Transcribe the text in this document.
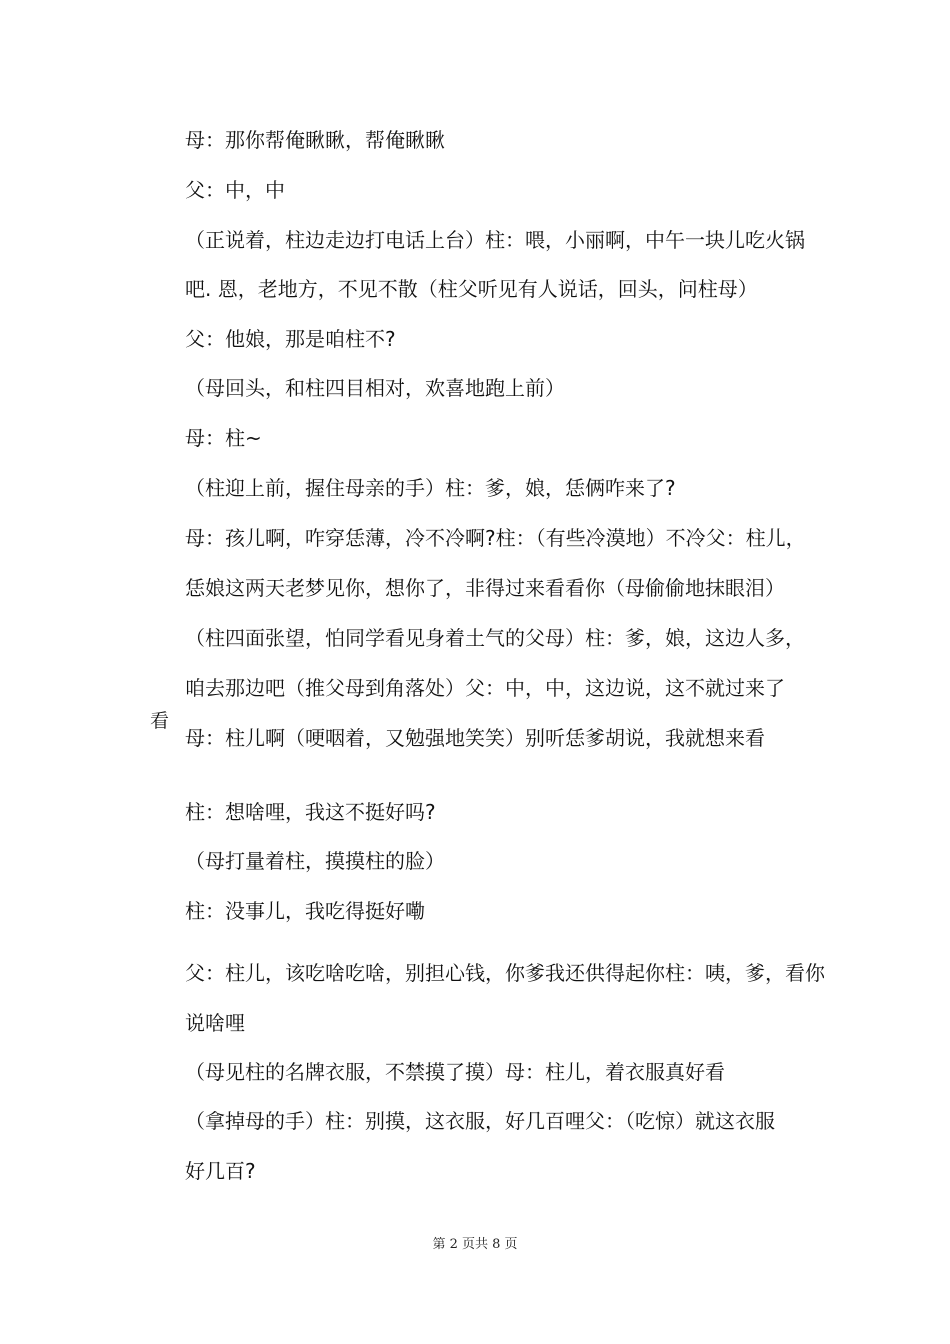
母：那你帮俺瞅瞅，帮俺瞅瞅
父：中，中
（正说着，柱边走边打电话上台）柱：喂，小丽啊，中午一块儿吃火锅
吧. 恩，老地方，不见不散（柱父听见有人说话，回头，问柱母）
父：他娘，那是咱柱不?
（母回头，和柱四目相对，欢喜地跑上前）
母：柱~
（柱迎上前，握住母亲的手）柱：爹，娘，恁俩咋来了?
母：孩儿啊，咋穿恁薄，冷不冷啊?柱：（有些冷漠地）不冷父：柱儿，
恁娘这两天老梦见你，想你了，非得过来看看你（母偷偷地抹眼泪）
（柱四面张望，怕同学看见身着土气的父母）柱：爹，娘，这边人多，
咱去那边吧（推父母到角落处）父：中，中，这边说，这不就过来了
看
母：柱儿啊（哽咽着，又勉强地笑笑）别听恁爹胡说，我就想来看
柱：想啥哩，我这不挺好吗?
（母打量着柱，摸摸柱的脸）
柱：没事儿，我吃得挺好嘞
父：柱儿，该吃啥吃啥，别担心钱，你爹我还供得起你柱：咦，爹，看你
说啥哩
（母见柱的名牌衣服，不禁摸了摸）母：柱儿，着衣服真好看
（拿掉母的手）柱：别摸，这衣服，好几百哩父：（吃惊）就这衣服
好几百?
第 2 页共 8 页
